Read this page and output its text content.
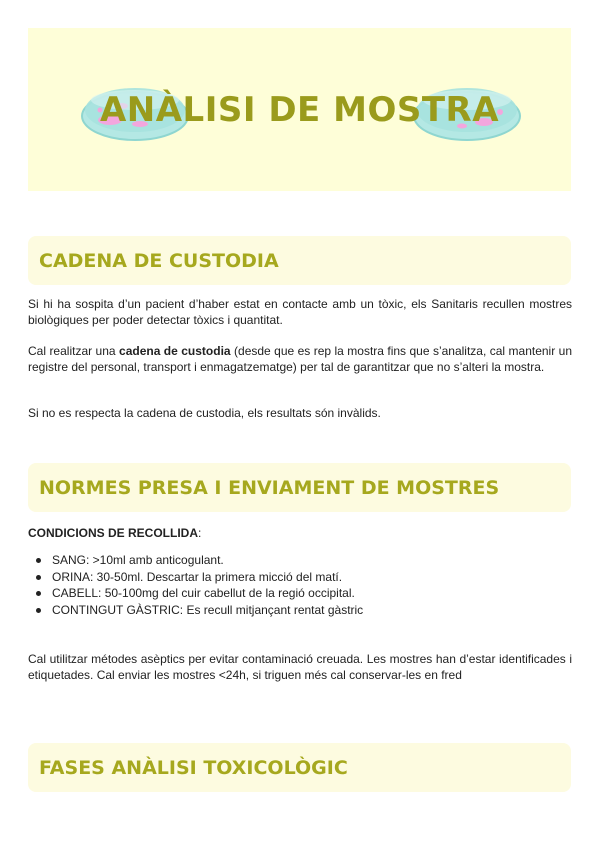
ANÀLISI DE MOSTRA
CADENA DE CUSTODIA

Si hi ha sospita d’un pacient d’haber estat en contacte amb un tòxic, els Sanitaris recullen mostres biològiques per poder detectar tòxics i quantitat.

Cal realitzar una cadena de custodia (desde que es rep la mostra fins que s’analitza, cal mantenir un registre del personal, transport i enmagatzematge) per tal de garantitzar que no s’alteri la mostra.

Si no es respecta la cadena de custodia, els resultats són invàlids.

NORMES PRESA I ENVIAMENT DE MOSTRES

CONDICIONS DE RECOLLIDA:

SANG: >10ml amb anticogulant.
ORINA: 30-50ml. Descartar la primera micció del matí.
CABELL: 50-100mg del cuir cabellut de la regió occipital.
CONTINGUT GÀSTRIC: Es recull mitjançant rentat gàstric

Cal utilitzar métodes asèptics per evitar contaminació creuada. Les mostres han d’estar identificades i etiquetades. Cal enviar les mostres <24h, si triguen més cal conservar-les en fred

FASES ANÀLISI TOXICOLÒGIC
